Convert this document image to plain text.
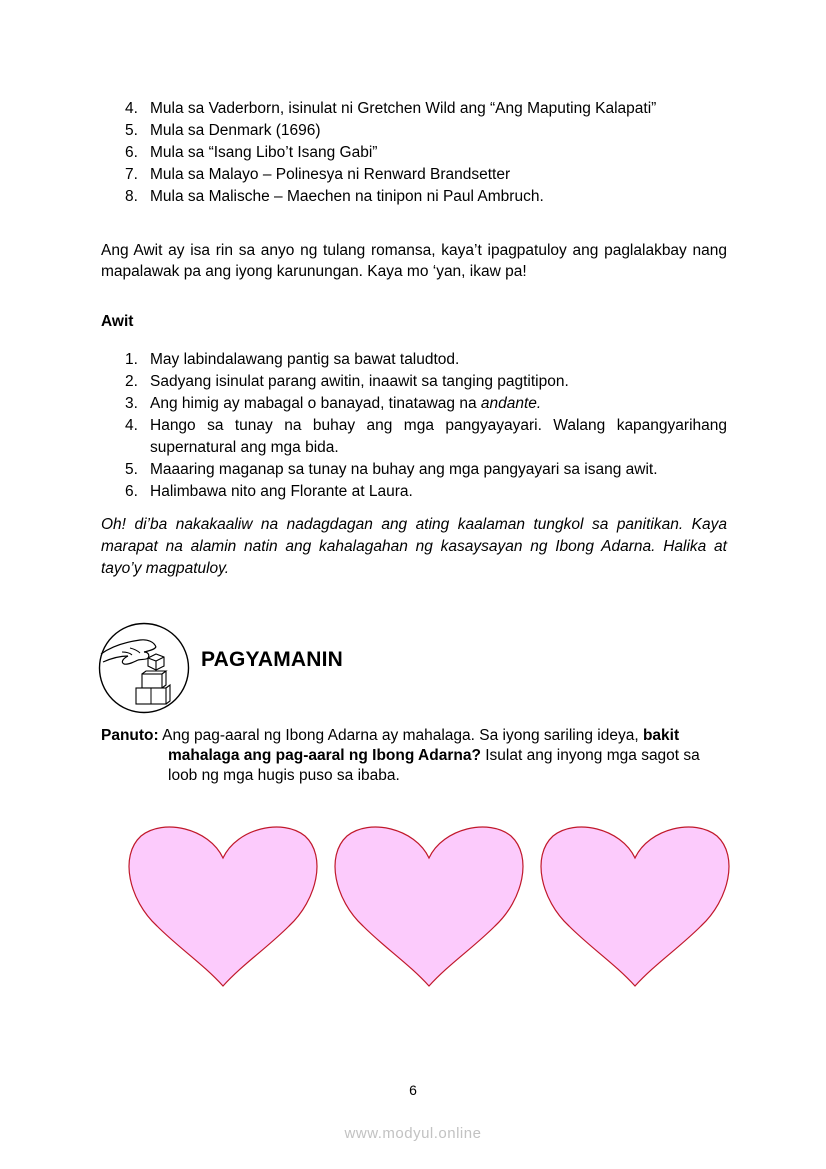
4. Mula sa Vaderborn, isinulat ni Gretchen Wild ang “Ang Maputing Kalapati”
5. Mula sa Denmark (1696)
6. Mula sa “Isang Libo’t Isang Gabi”
7. Mula sa Malayo – Polinesya ni Renward Brandsetter
8. Mula sa Malische – Maechen na tinipon ni Paul Ambruch.

Ang Awit ay isa rin sa anyo ng tulang romansa, kaya’t ipagpatuloy ang paglalakbay nang mapalawak pa ang iyong karunungan. Kaya mo ‘yan, ikaw pa!

Awit
1. May labindalawang pantig sa bawat taludtod.
2. Sadyang isinulat parang awitin, inaawit sa tanging pagtitipon.
3. Ang himig ay mabagal o banayad, tinatawag na andante.
4. Hango sa tunay na buhay ang mga pangyayayari. Walang kapangyarihang supernatural ang mga bida.
5. Maaaring maganap sa tunay na buhay ang mga pangyayari sa isang awit.
6. Halimbawa nito ang Florante at Laura.

Oh! di’ba nakakaaliw na nadagdagan ang ating kaalaman tungkol sa panitikan. Kaya marapat na alamin natin ang kahalagahan ng kasaysayan ng Ibong Adarna. Halika at tayo’y magpatuloy.

PAGYAMANIN

Panuto: Ang pag-aaral ng Ibong Adarna ay mahalaga. Sa iyong sariling ideya, bakit
mahalaga ang pag-aaral ng Ibong Adarna? Isulat ang inyong mga sagot sa loob ng mga hugis puso sa ibaba.

6
www.modyul.online
